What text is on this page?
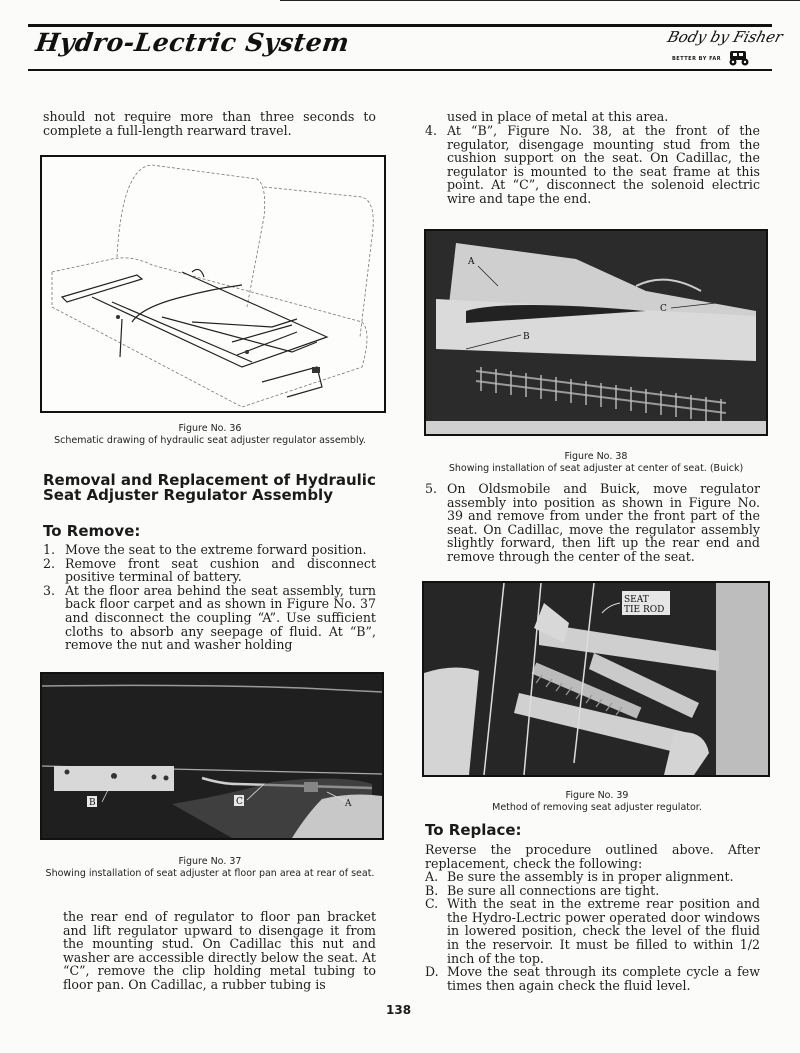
Hydro-Lectric System	Body by Fisher
BETTER BY FAR
should not require more than three seconds to complete a full-length rearward travel.
Figure No. 36
Schematic drawing of hydraulic seat adjuster regulator assembly.
Removal and Replacement of Hydraulic Seat Adjuster Regulator Assembly
To Remove:
1. Move the seat to the extreme forward position.
2. Remove front seat cushion and disconnect positive terminal of battery.
3. At the floor area behind the seat assembly, turn back floor carpet and as shown in Figure No. 37 and disconnect the coupling “A”. Use sufficient cloths to absorb any seepage of fluid. At “B”, remove the nut and washer holding
B	C	A
Figure No. 37
Showing installation of seat adjuster at floor pan area at rear of seat.
the rear end of regulator to floor pan bracket and lift regulator upward to disengage it from the mounting stud. On Cadillac this nut and washer are accessible directly below the seat. At “C”, remove the clip holding metal tubing to floor pan. On Cadillac, a rubber tubing is
used in place of metal at this area.
4. At “B”, Figure No. 38, at the front of the regulator, disengage mounting stud from the cushion support on the seat. On Cadillac, the regulator is mounted to the seat frame at this point. At “C”, disconnect the solenoid electric wire and tape the end.
A
B
C
Figure No. 38
Showing installation of seat adjuster at center of seat. (Buick)
5. On Oldsmobile and Buick, move regulator assembly into position as shown in Figure No. 39 and remove from under the front part of the seat. On Cadillac, move the regulator assembly slightly forward, then lift up the rear end and remove through the center of the seat.
SEAT
TIE ROD
Figure No. 39
Method of removing seat adjuster regulator.
To Replace:
Reverse the procedure outlined above. After replacement, check the following:
A. Be sure the assembly is in proper alignment.
B. Be sure all connections are tight.
C. With the seat in the extreme rear position and the Hydro-Lectric power operated door windows in lowered position, check the level of the fluid in the reservoir. It must be filled to within 1/2 inch of the top.
D. Move the seat through its complete cycle a few times then again check the fluid level.
138
